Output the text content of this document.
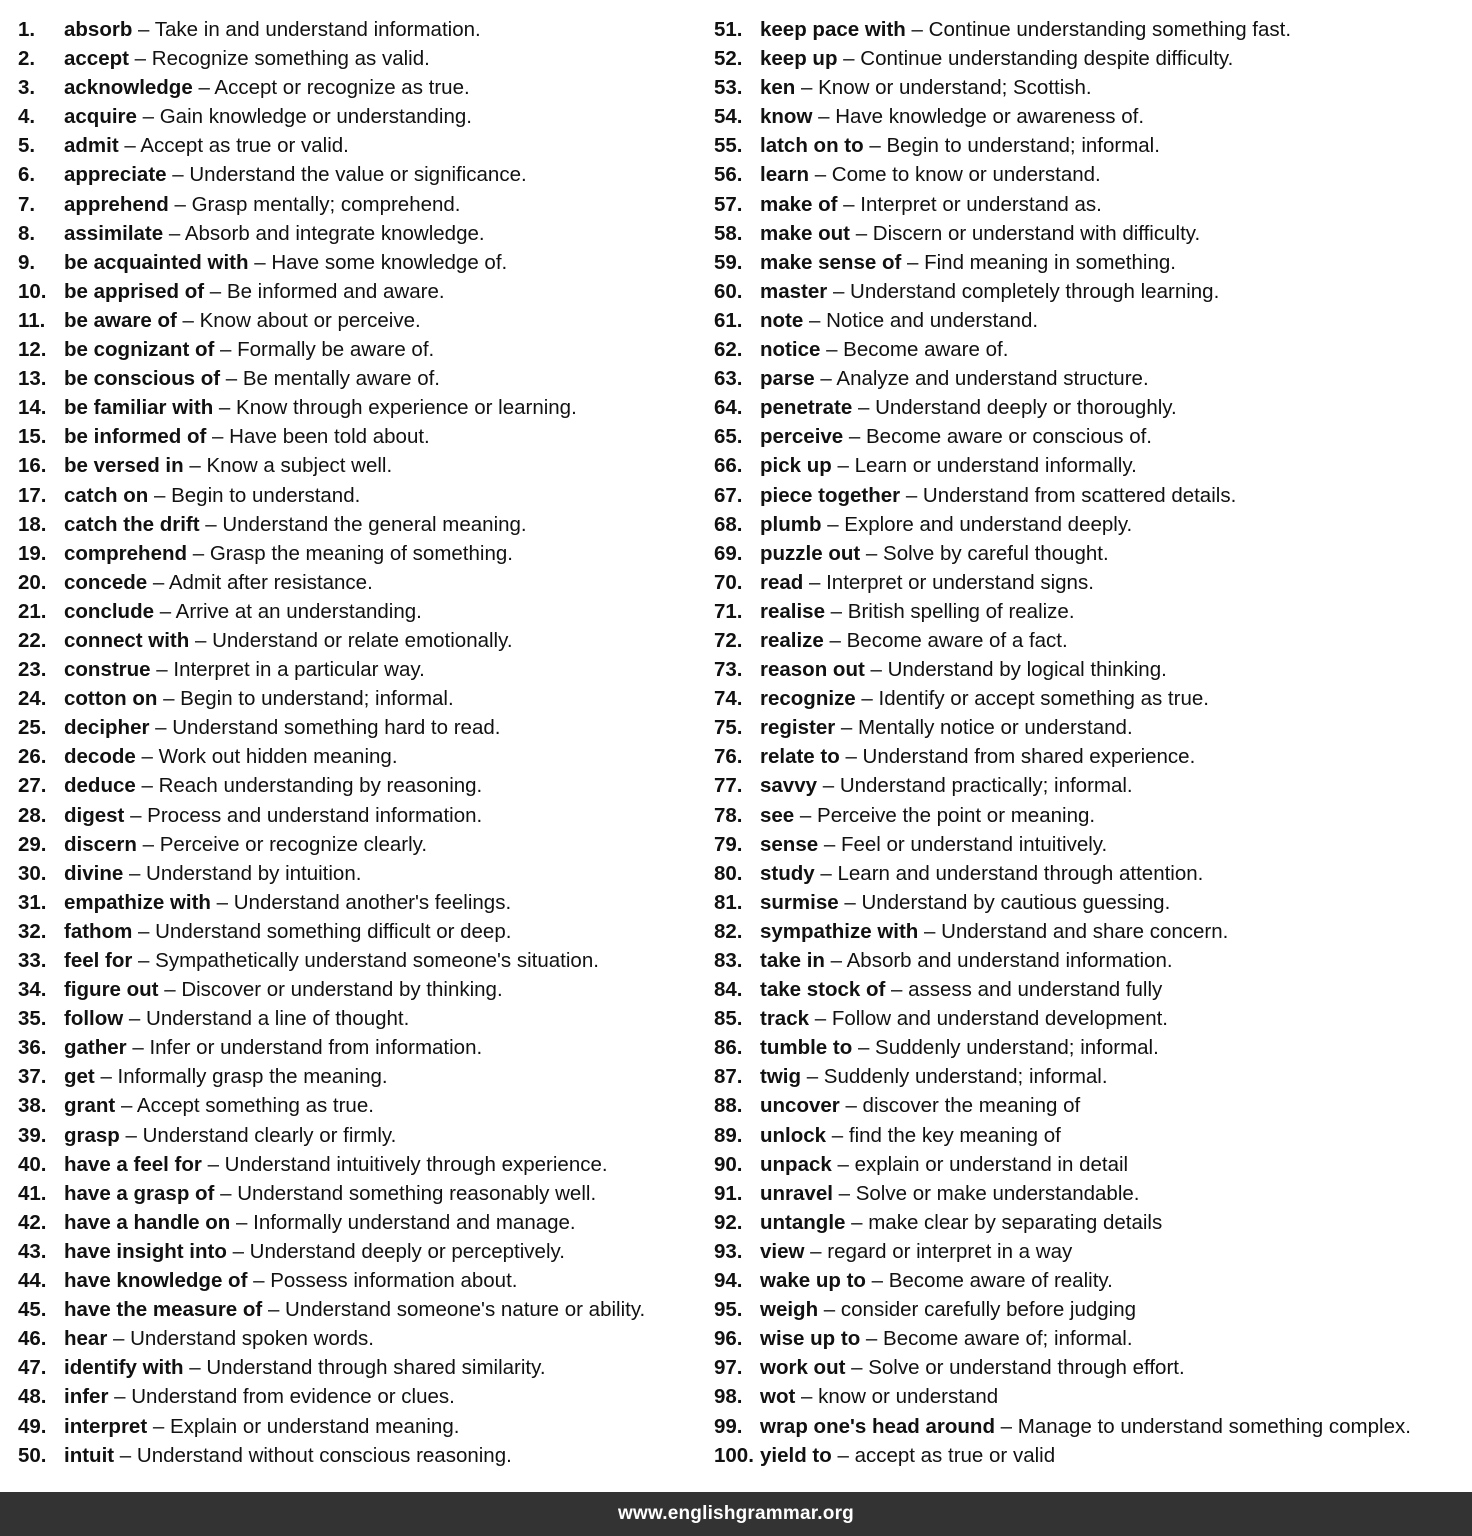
1.	absorb – Take in and understand information.
2.	accept – Recognize something as valid.
3.	acknowledge – Accept or recognize as true.
4.	acquire – Gain knowledge or understanding.
5.	admit – Accept as true or valid.
6.	appreciate – Understand the value or significance.
7.	apprehend – Grasp mentally; comprehend.
8.	assimilate – Absorb and integrate knowledge.
9.	be acquainted with – Have some knowledge of.
10. be apprised of – Be informed and aware.
11. be aware of – Know about or perceive.
12. be cognizant of – Formally be aware of.
13. be conscious of – Be mentally aware of.
14. be familiar with – Know through experience or learning.
15. be informed of – Have been told about.
16. be versed in – Know a subject well.
17. catch on – Begin to understand.
18. catch the drift – Understand the general meaning.
19. comprehend – Grasp the meaning of something.
20. concede – Admit after resistance.
21. conclude – Arrive at an understanding.
22. connect with – Understand or relate emotionally.
23. construe – Interpret in a particular way.
24. cotton on – Begin to understand; informal.
25. decipher – Understand something hard to read.
26. decode – Work out hidden meaning.
27. deduce – Reach understanding by reasoning.
28. digest – Process and understand information.
29. discern – Perceive or recognize clearly.
30. divine – Understand by intuition.
31. empathize with – Understand another's feelings.
32. fathom – Understand something difficult or deep.
33. feel for – Sympathetically understand someone's situation.
34. figure out – Discover or understand by thinking.
35. follow – Understand a line of thought.
36. gather – Infer or understand from information.
37. get – Informally grasp the meaning.
38. grant – Accept something as true.
39. grasp – Understand clearly or firmly.
40. have a feel for – Understand intuitively through experience.
41. have a grasp of – Understand something reasonably well.
42. have a handle on – Informally understand and manage.
43. have insight into – Understand deeply or perceptively.
44. have knowledge of – Possess information about.
45. have the measure of – Understand someone's nature or ability.
46. hear – Understand spoken words.
47. identify with – Understand through shared similarity.
48. infer – Understand from evidence or clues.
49. interpret – Explain or understand meaning.
50. intuit – Understand without conscious reasoning.
51. keep pace with – Continue understanding something fast.
52. keep up – Continue understanding despite difficulty.
53. ken – Know or understand; Scottish.
54. know – Have knowledge or awareness of.
55. latch on to – Begin to understand; informal.
56. learn – Come to know or understand.
57. make of – Interpret or understand as.
58. make out – Discern or understand with difficulty.
59. make sense of – Find meaning in something.
60. master – Understand completely through learning.
61. note – Notice and understand.
62. notice – Become aware of.
63. parse – Analyze and understand structure.
64. penetrate – Understand deeply or thoroughly.
65. perceive – Become aware or conscious of.
66. pick up – Learn or understand informally.
67. piece together – Understand from scattered details.
68. plumb – Explore and understand deeply.
69. puzzle out – Solve by careful thought.
70. read – Interpret or understand signs.
71. realise – British spelling of realize.
72. realize – Become aware of a fact.
73. reason out – Understand by logical thinking.
74. recognize – Identify or accept something as true.
75. register – Mentally notice or understand.
76. relate to – Understand from shared experience.
77. savvy – Understand practically; informal.
78. see – Perceive the point or meaning.
79. sense – Feel or understand intuitively.
80. study – Learn and understand through attention.
81. surmise – Understand by cautious guessing.
82. sympathize with – Understand and share concern.
83. take in – Absorb and understand information.
84. take stock of – assess and understand fully
85. track – Follow and understand development.
86. tumble to – Suddenly understand; informal.
87. twig – Suddenly understand; informal.
88. uncover – discover the meaning of
89. unlock – find the key meaning of
90. unpack – explain or understand in detail
91. unravel – Solve or make understandable.
92. untangle – make clear by separating details
93. view – regard or interpret in a way
94. wake up to – Become aware of reality.
95. weigh – consider carefully before judging
96. wise up to – Become aware of; informal.
97. work out – Solve or understand through effort.
98. wot – know or understand
99. wrap one's head around – Manage to understand something complex.
100. yield to – accept as true or valid
www.englishgrammar.org
